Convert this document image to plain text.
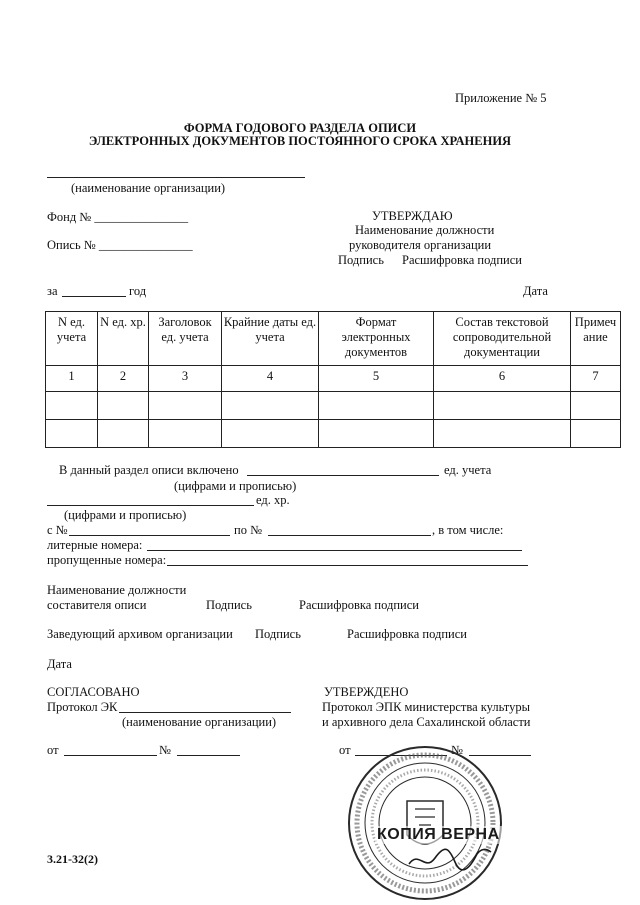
Приложение № 5
ФОРМА ГОДОВОГО РАЗДЕЛА ОПИСИ
ЭЛЕКТРОННЫХ ДОКУМЕНТОВ ПОСТОЯННОГО СРОКА ХРАНЕНИЯ
(наименование организации)
Фонд № _______________
Опись № _______________
УТВЕРЖДАЮ
Наименование должности
руководителя организации
Подпись Расшифровка подписи
за	год	Дата
N ед. учета	N ед. хр.	Заголовок ед. учета	Крайние даты ед. учета	Формат электронных документов	Состав текстовой сопроводительной документации	Примеч ание
1	2	3	4	5	6	7

В данный раздел описи включено	ед. учета
(цифрами и прописью)
ед. хр.
(цифрами и прописью)
с №	по №	, в том числе:
литерные номера:
пропущенные номера:
Наименование должности
составителя описи	Подпись	Расшифровка подписи
Заведующий архивом организации Подпись	Расшифровка подписи
Дата
СОГЛАСОВАНО
Протокол ЭК
(наименование организации)
от	№
УТВЕРЖДЕНО
Протокол ЭПК министерства культуры
и архивного дела Сахалинской области
от	№
3.21-32(2)
КОПИЯ ВЕРНА
